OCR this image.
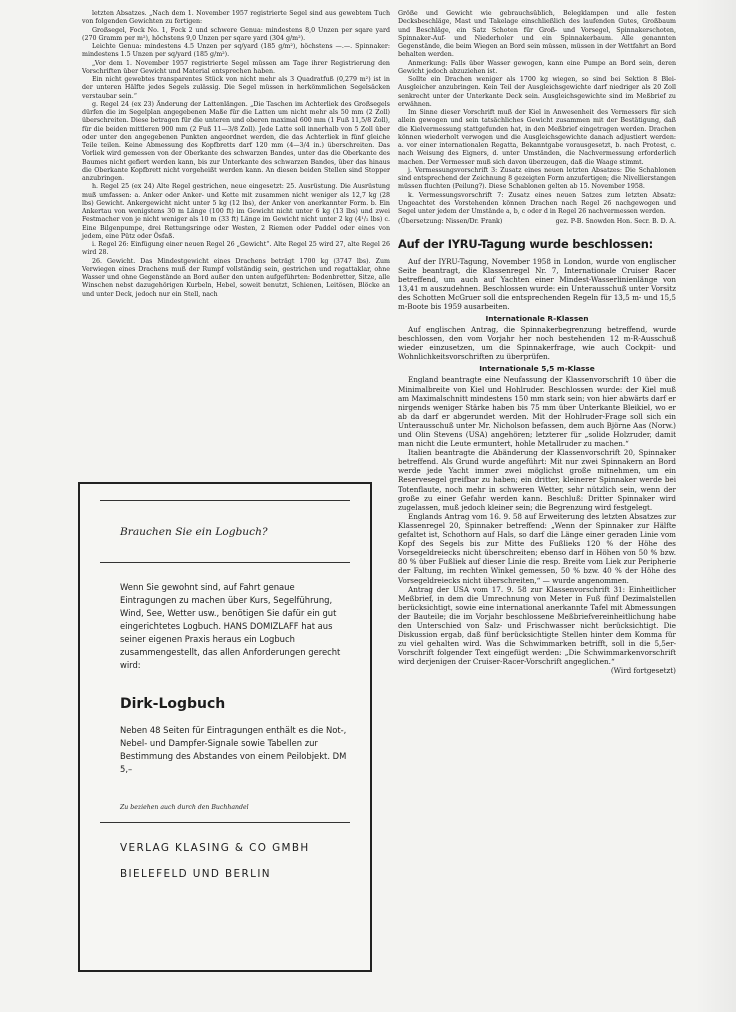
letzten Absatzes. „Nach dem 1. November 1957 registrierte Segel sind aus gewebtem Tuch von folgenden Gewichten zu fertigen:

Großsegel, Fock No. 1, Fock 2 und schwere Genua: mindestens 8,0 Unzen per sqare yard (270 Gramm per m²), höchstens 9,0 Unzen per sqare yard (304 g/m²).

Leichte Genua: mindestens 4.5 Unzen per sq/yard (185 g/m²), höchstens —.—. Spinnaker: mindestens 1.5 Unzen per sq/yard (185 g/m²).

„Vor dem 1. November 1957 registrierte Segel müssen am Tage ihrer Registrierung den Vorschriften über Gewicht und Material entsprechen haben.

Ein nicht gewebtes transparentes Stück von nicht mehr als 3 Quadratfuß (0,279 m²) ist in der unteren Hälfte jedes Segels zulässig. Die Segel müssen in herkömmlichen Segelsäcken verstaubar sein.“

g. Regel 24 (ex 23) Änderung der Lattenlängen. „Die Taschen im Achterliek des Großsegels dürfen die im Segelplan angegebenen Maße für die Latten um nicht mehr als 50 mm (2 Zoll) überschreiten. Diese betragen für die unteren und oberen maximal 600 mm (1 Fuß 11,5/8 Zoll), für die beiden mittleren 900 mm (2 Fuß 11—3/8 Zoll). Jede Latte soll innerhalb von 5 Zoll über oder unter den angegebenen Punkten angeordnet werden, die das Achterliek in fünf gleiche Teile teilen. Keine Abmessung des Kopfbretts darf 120 mm (4—3/4 in.) überschreiten. Das Vorliek wird gemessen von der Oberkante des schwarzen Bandes, unter das die Oberkante des Baumes nicht gefiert werden kann, bis zur Unterkante des schwarzen Bandes, über das hinaus die Oberkante Kopfbrett nicht vorgeheißt werden kann. An diesen beiden Stellen sind Stopper anzubringen.

h. Regel 25 (ex 24) Alte Regel gestrichen, neue eingesetzt: 25. Ausrüstung. Die Ausrüstung muß umfassen: a. Anker oder Anker- und Kette mit zusammen nicht weniger als 12,7 kg (28 lbs) Gewicht. Ankergewicht nicht unter 5 kg (12 lbs), der Anker von anerkannter Form. b. Ein Ankertau von wenigstens 30 m Länge (100 ft) im Gewicht nicht unter 6 kg (13 lbs) und zwei Festmacher von je nicht weniger als 10 m (33 ft) Länge im Gewicht nicht unter 2 kg (4¹/₂ lbs) c. Eine Bilgenpumpe, drei Rettungsringe oder Westen, 2 Riemen oder Paddel oder eines von jedem, eine Pütz oder Ösfaß.

i. Regel 26: Einfügung einer neuen Regel 26 „Gewicht“. Alte Regel 25 wird 27, alte Regel 26 wird 28.

26. Gewicht. Das Mindestgewicht eines Drachens beträgt 1700 kg (3747 lbs). Zum Verwiegen eines Drachens muß der Rumpf vollständig sein, gestrichen und regattaklar, ohne Wasser und ohne Gegenstände an Bord außer den unten aufgeführten: Bodenbretter, Sitze, alle Winschen nebst dazugehörigen Kurbeln, Hebel, soweit benutzt, Schienen, Leitösen, Blöcke an und unter Deck, jedoch nur ein Stell, nach

Brauchen Sie ein Logbuch?
Wenn Sie gewohnt sind, auf Fahrt genaue Eintragungen zu machen über Kurs, Segelführung, Wind, See, Wetter usw., benötigen Sie dafür ein gut eingerichtetes Logbuch. HANS DOMIZLAFF hat aus seiner eigenen Praxis heraus ein Logbuch zusammengestellt, das allen Anforderungen gerecht wird:
Dirk-Logbuch
Neben 48 Seiten für Eintragungen enthält es die Not-, Nebel- und Dampfer-Signale sowie Tabellen zur Bestimmung des Abstandes von einem Peilobjekt. DM 5,–
Zu beziehen auch durch den Buchhandel
VERLAG KLASING & CO GMBH
BIELEFELD UND BERLIN

Größe und Gewicht wie gebrauchsüblich, Belegklampen und alle festen Decksbeschläge, Mast und Takelage einschließlich des laufenden Gutes, Großbaum und Beschläge, ein Satz Schoten für Groß- und Vorsegel, Spinnakerschoten, Spinnaker-Auf- und Niederholer und ein Spinnakerbaum. Alle genannten Gegenstände, die beim Wiegen an Bord sein müssen, müssen in der Wettfahrt an Bord behalten werden.

Anmerkung: Falls über Wasser gewogen, kann eine Pumpe an Bord sein, deren Gewicht jedoch abzuziehen ist.

Sollte ein Drachen weniger als 1700 kg wiegen, so sind bei Sektion 8 Blei-Ausgleicher anzubringen. Kein Teil der Ausgleichsgewichte darf niedriger als 20 Zoll senkrecht unter der Unterkante Deck sein. Ausgleichsgewichte sind im Meßbrief zu erwähnen.

Im Sinne dieser Vorschrift muß der Kiel in Anwesenheit des Vermessers für sich allein gewogen und sein tatsächliches Gewicht zusammen mit der Bestätigung, daß die Kielvermessung stattgefunden hat, in den Meßbrief eingetragen werden. Drachen können wiederholt verwogen und die Ausgleichsgewichte danach adjustiert werden: a. vor einer internationalen Regatta, Bekanntgabe vorausgesetzt, b. nach Protest, c. nach Weisung des Eigners, d. unter Umständen, die Nachvermessung erforderlich machen. Der Vermesser muß sich davon überzeugen, daß die Waage stimmt.

j. Vermessungsvorschrift 3: Zusatz eines neuen letzten Absatzes: Die Schablonen sind entsprechend der Zeichnung 8 gezeigten Form anzufertigen; die Nivellierstangen müssen fluchten (Peilung?). Diese Schablonen gelten ab 15. November 1958.

k. Vermessungsvorschrift 7: Zusatz eines neuen Satzes zum letzten Absatz: Ungeachtet des Vorstehenden können Drachen nach Regel 26 nachgewogen und Segel unter jedem der Umstände a, b, c oder d in Regel 26 nachvermessen werden.

(Übersetzung: Nissen/Dr. Frank)	gez. P-B. Snowden Hon. Secr. B. D. A.
Auf der IYRU-Tagung wurde beschlossen:

Auf der IYRU-Tagung, November 1958 in London, wurde von englischer Seite beantragt, die Klassenregel Nr. 7, Internationale Cruiser Racer betreffend, um auch auf Yachten einer Mindest-Wasserlinienlänge von 13,41 m auszudehnen. Beschlossen wurde: ein Unterausschuß unter Vorsitz des Schotten McGruer soll die entsprechenden Regeln für 13,5 m- und 15,5 m-Boote bis 1959 ausarbeiten.

Internationale R-Klassen

Auf englischen Antrag, die Spinnakerbegrenzung betreffend, wurde beschlossen, den vom Vorjahr her noch bestehenden 12 m-R-Ausschuß wieder einzusetzen, um die Spinnakerfrage, wie auch Cockpit- und Wohnlichkeitsvorschriften zu überprüfen.

Internationale 5,5 m-Klasse

England beantragte eine Neufassung der Klassenvorschrift 10 über die Minimalbreite von Kiel und Hohlruder. Beschlossen wurde: der Kiel muß am Maximalschnitt mindestens 150 mm stark sein; von hier abwärts darf er nirgends weniger Stärke haben bis 75 mm über Unterkante Bleikiel, wo er ab da darf er abgerundet werden. Mit der Hohlruder-Frage soll sich ein Unterausschuß unter Mr. Nicholson befassen, dem auch Björne Aas (Norw.) und Olin Stevens (USA) angehören; letzterer für „solide Holzruder, damit man nicht die Leute ermuntert, hohle Metallruder zu machen.“

Italien beantragte die Abänderung der Klassenvorschrift 20, Spinnaker betreffend. Als Grund wurde angeführt: Mit nur zwei Spinnakern an Bord werde jede Yacht immer zwei möglichst große mitnehmen, um ein Reservesegel greifbar zu haben; ein dritter, kleinerer Spinnaker werde bei Totenflaute, noch mehr in schweren Wetter, sehr nützlich sein, wenn der große zu einer Gefahr werden kann. Beschluß: Dritter Spinnaker wird zugelassen, muß jedoch kleiner sein; die Begrenzung wird festgelegt.

Englands Antrag vom 16. 9. 58 auf Erweiterung des letzten Absatzes zur Klassenregel 20, Spinnaker betreffend: „Wenn der Spinnaker zur Hälfte gefaltet ist, Schothorn auf Hals, so darf die Länge einer geraden Linie vom Kopf des Segels bis zur Mitte des Fußlieks 120 % der Höhe des Vorsegeldreiecks nicht überschreiten; ebenso darf in Höhen von 50 % bzw. 80 % über Fußliek auf dieser Linie die resp. Breite vom Liek zur Peripherie der Faltung, im rechten Winkel gemessen, 50 % bzw. 40 % der Höhe des Vorsegeldreiecks nicht überschreiten,“ — wurde angenommen.

Antrag der USA vom 17. 9. 58 zur Klassenvorschrift 31: Einheitlicher Meßbrief, in dem die Umrechnung von Meter in Fuß fünf Dezimalstellen berücksichtigt, sowie eine international anerkannte Tafel mit Abmessungen der Bauteile; die im Vorjahr beschlossene Meßbriefvereinheitlichung habe den Unterschied von Salz- und Frischwasser nicht berücksichtigt. Die Diskussion ergab, daß fünf berücksichtigte Stellen hinter dem Komma für zu viel gehalten wird. Was die Schwimmarken betrifft, soll in die 5,5er-Vorschrift folgender Text eingefügt werden: „Die Schwimmarkenvorschrift wird derjenigen der Cruiser-Racer-Vorschrift angeglichen.“

(Wird fortgesetzt)
